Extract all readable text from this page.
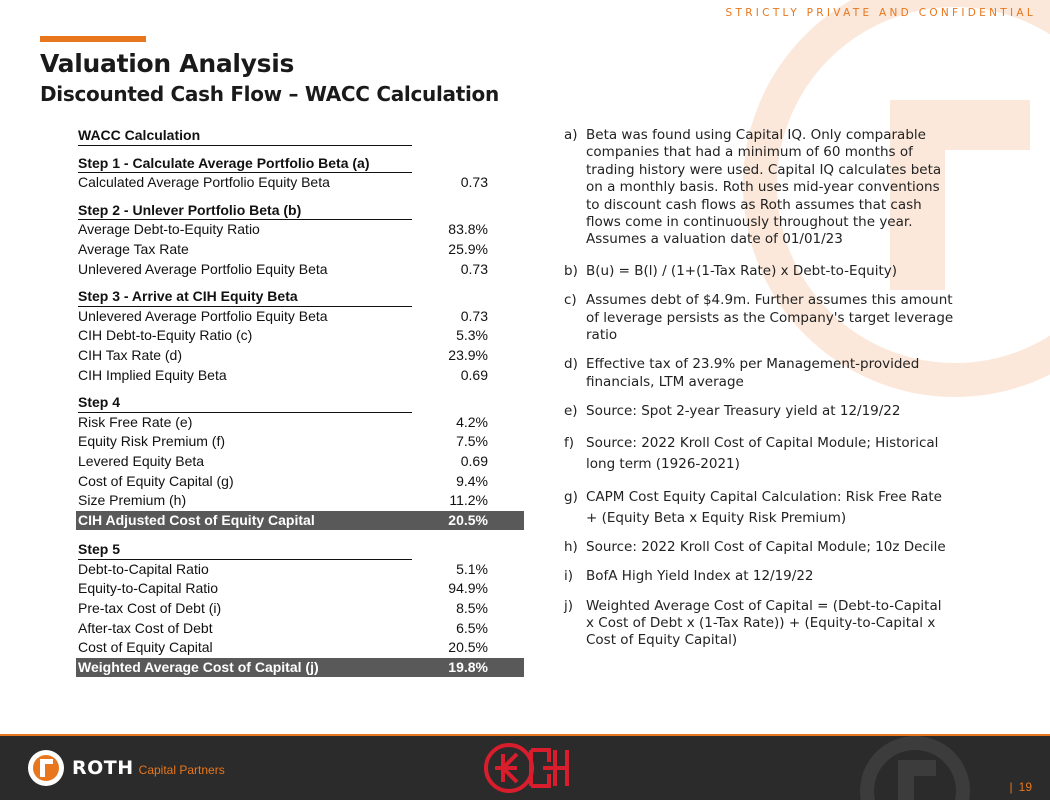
STRICTLY PRIVATE AND CONFIDENTIAL
Valuation Analysis
Discounted Cash Flow – WACC Calculation
WACC Calculation
Step 1 - Calculate Average Portfolio Beta (a)
Calculated Average Portfolio Equity Beta	0.73
Step 2 - Unlever Portfolio Beta (b)
Average Debt-to-Equity Ratio	83.8%
Average Tax Rate	25.9%
Unlevered Average Portfolio Equity Beta	0.73
Step 3 - Arrive at CIH Equity Beta
Unlevered Average Portfolio Equity Beta	0.73
CIH Debt-to-Equity Ratio (c)	5.3%
CIH Tax Rate (d)	23.9%
CIH Implied Equity Beta	0.69
Step 4
Risk Free Rate (e)	4.2%
Equity Risk Premium (f)	7.5%
Levered Equity Beta	0.69
Cost of Equity Capital (g)	9.4%
Size Premium (h)	11.2%
CIH Adjusted Cost of Equity Capital	20.5%
Step 5
Debt-to-Capital Ratio	5.1%
Equity-to-Capital Ratio	94.9%
Pre-tax Cost of Debt (i)	8.5%
After-tax Cost of Debt	6.5%
Cost of Equity Capital	20.5%
Weighted Average Cost of Capital (j)	19.8%
a) Beta was found using Capital IQ. Only comparable
companies that had a minimum of 60 months of
trading history were used. Capital IQ calculates beta
on a monthly basis. Roth uses mid-year conventions
to discount cash flows as Roth assumes that cash
flows come in continuously throughout the year.
Assumes a valuation date of 01/01/23
b) B(u) = B(l) / (1+(1-Tax Rate) x Debt-to-Equity)
c) Assumes debt of $4.9m. Further assumes this amount
of leverage persists as the Company's target leverage
ratio
d) Effective tax of 23.9% per Management-provided
financials, LTM average
e) Source: Spot 2-year Treasury yield at 12/19/22
f) Source: 2022 Kroll Cost of Capital Module; Historical
long term (1926-2021)
g) CAPM Cost Equity Capital Calculation: Risk Free Rate
+ (Equity Beta x Equity Risk Premium)
h) Source: 2022 Kroll Cost of Capital Module; 10z Decile
i) BofA High Yield Index at 12/19/22
j) Weighted Average Cost of Capital = (Debt-to-Capital
x Cost of Debt x (1-Tax Rate)) + (Equity-to-Capital x
Cost of Equity Capital)
ROTH Capital Partners
| 19
